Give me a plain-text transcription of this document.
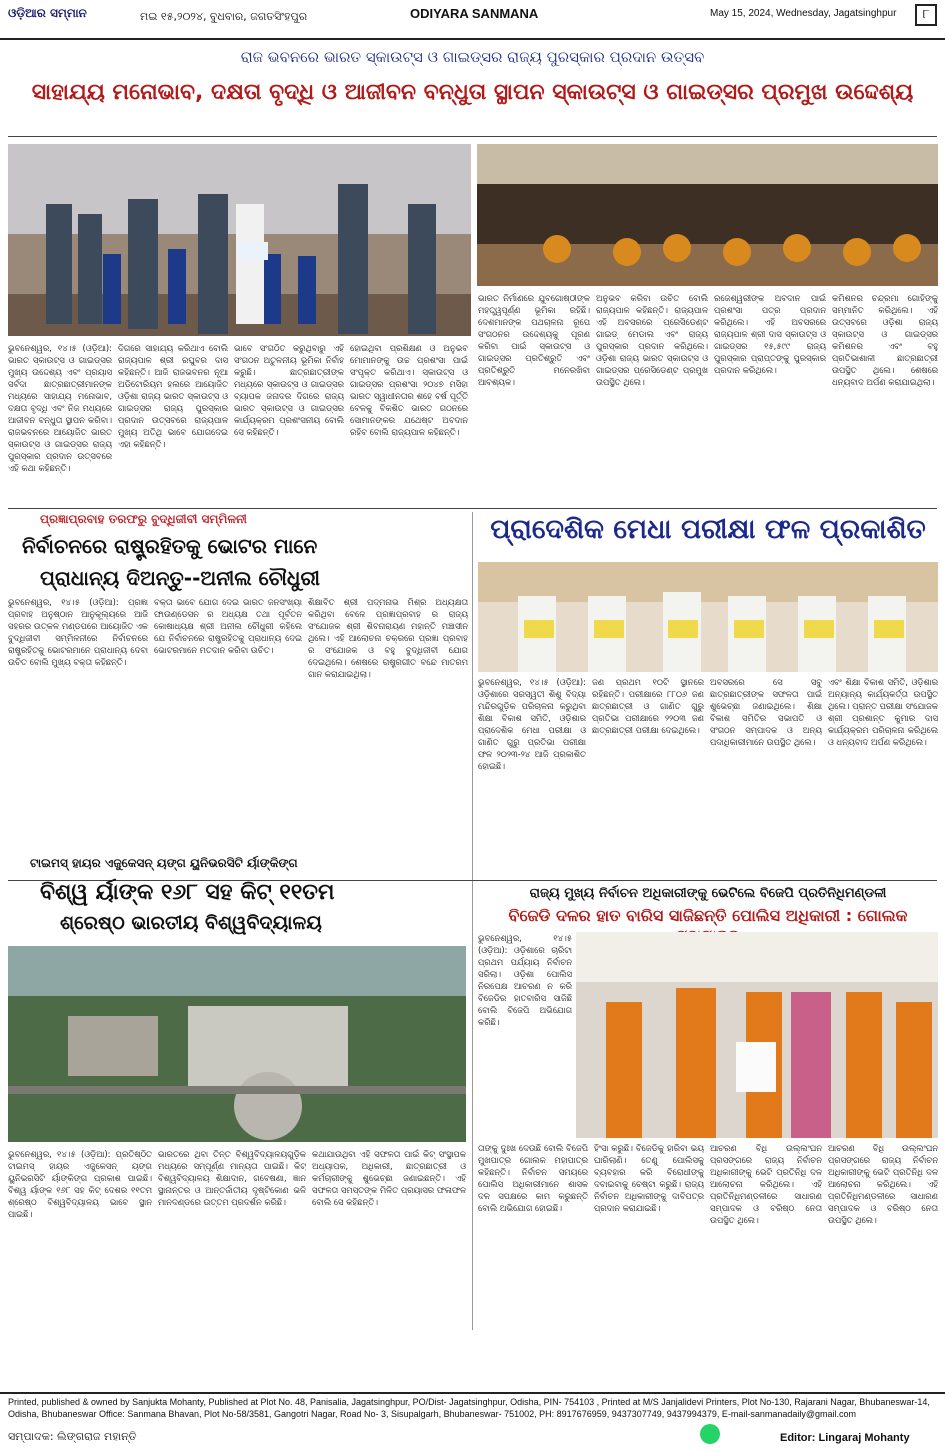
ଓଡ଼ିଆର ସମ୍ମାନ	ମଇ ୧୫,୨୦୨୪, ବୁଧବାର, ଜଗତସିଂହପୁର	ODIYARA SANMANA	May 15, 2024, Wednesday, Jagatsinghpur	୮
ରାଜ ଭବନରେ ଭାରତ ସ୍କାଉଟ୍ସ ଓ ଗାଇଡ୍ସର ରାଜ୍ୟ ପୁରସ୍କାର ପ୍ରଦାନ ଉତ୍ସବ
ସାହାଯ୍ୟ ମନୋଭାବ, ଦକ୍ଷତା ବୃଦ୍ଧି ଓ ଆଜୀବନ ବନ୍ଧୁତା ସ୍ଥାପନ ସ୍କାଉଟ୍ସ ଓ ଗାଇଡ୍ସର ପ୍ରମୁଖ ଉଦ୍ଦେଶ୍ୟ
ଭୁବନେଶ୍ୱର, ୧୪।୫ (ଓଡ଼ିଆ): ଭାରତ ସ୍କାଉଟ୍ସ ଓ ଗାଇଡ୍ସର ମୁଖ୍ୟ ଉଦ୍ଦେଶ୍ୟ ଏବଂ ପ୍ରୟାସ ସର୍ବଦା ଛାତ୍ରଛାତ୍ରୀମାନଙ୍କ ମଧ୍ୟରେ ସାହାଯ୍ୟ ମନୋଭାବ, ଦକ୍ଷତା ବୃଦ୍ଧି ଏବଂ ନିଜ ମଧ୍ୟରେ ଆଜୀବନ ବନ୍ଧୁତା ସ୍ଥାପନ କରିବା। ରାଜଭବନରେ ଆୟୋଜିତ ଭାରତ ସ୍କାଉଟ୍ସ ଓ ଗାଇଡ୍ସର ରାଜ୍ୟ ପୁରସ୍କାର ପ୍ରଦାନ ଉତ୍ସବରେ ଏହି କଥା କହିଛନ୍ତି।
ଦିଗରେ ସାହାଯ୍ୟ କରିଥାଏ ବୋଲି ରାଜ୍ୟପାଳ ଶ୍ରୀ ରଘୁବର ଦାସ କହିଛନ୍ତି। ଆଜି ରାଜଭବନର ନୂଆ ଅଡିଟୋରିୟମ ହଲରେ ଆୟୋଜିତ ଓଡ଼ିଶା ରାଜ୍ୟ ଭାରତ ସ୍କାଉଟ୍ସ ଓ ଗାଇଡ୍ସର ରାଜ୍ୟ ପୁରସ୍କାର ପ୍ରଦାନ ଉତ୍ସବରେ ରାଜ୍ୟପାଳ ମୁଖ୍ୟ ଅତିଥି ଭାବେ ଯୋଗଦେଇ ଏହା କହିଛନ୍ତି।
ଭାବେ ସଂଗଠିତ କରୁଥିବାରୁ ଏହି ସଂଗଠନ ଅତୁଳନୀୟ ଭୂମିକା ନିର୍ବାହ କରୁଛି। ଛାତ୍ରଛାତ୍ରୀଙ୍କ ମଧ୍ୟରେ ସ୍କାଉଟ୍ସ ଓ ଗାଇଡ୍ସର ବ୍ୟାପକ ଜନାଦର ଦିଗରେ ରାଜ୍ୟ ଭାରତ ସ୍କାଉଟ୍ସ ଓ ଗାଇଡ୍ସର କାର୍ଯ୍ୟକ୍ରମ ପ୍ରଶଂସନୀୟ ବୋଲି ସେ କହିଛନ୍ତି।
ହୋଇଥିବା ପ୍ରଶିକ୍ଷଣ ଓ ଅନୁଭବ ମୋମାନଙ୍କୁ ଉଚ୍ଚ ପ୍ରଶଂସା ପାଇଁ ସଂପୃକ୍ତ କରିଥାଏ। ସ୍କାଉଟ୍ସ ଓ ଗାଇଡ୍ସର ପ୍ରଶଂସା ୨୦୪୭ ମସିହା ଭାରତ ସ୍ୱାଧୀନତାର ଶହେ ବର୍ଷ ପୂର୍ତ୍ତି ବେଳକୁ ବିକଶିତ ଭାରତ ଗଠନରେ ସୋମାନଙ୍କର ଯଥେଷ୍ଟ ଅବଦାନ ରହିବ ବୋଲି ରାଜ୍ୟପାଳ କହିଛନ୍ତି।
ଭାରତ ନିର୍ମାଣରେ ଯୁବଗୋଷ୍ଠୀଙ୍କ ମହତ୍ତ୍ୱପୂର୍ଣ୍ଣ ଭୂମିକା ରହିଛି। ଦେଶମାନଙ୍କ ପଥଚାଳନା ରୂପେ ସଂଗଠନର ଉଦ୍ଦେଶ୍ୟକୁ ପୂରଣ କରିବା ପାଇଁ ସ୍କାଉଟ୍ସ ଓ ଗାଇଡ୍ସର ପ୍ରତିଶ୍ରୁତି ଏବଂ ପ୍ରତିଶ୍ରୁତି ମନେରଖିବା ଆବଶ୍ୟକ।
ଅନୁଭବ କରିବା ଉଚିତ ବୋଲି ରାଜ୍ୟପାଳ କହିଛନ୍ତି। ରାଜ୍ୟପାଳ ଏହି ଅବସରରେ ପ୍ରେସିଡେଣ୍ଟ ଗାଇଡ୍ ମେଡାଲ ଏବଂ ରାଜ୍ୟ ପୁରସ୍କାର ପ୍ରଦାନ କରିଥିଲେ। ଓଡ଼ିଶା ରାଜ୍ୟ ଭାରତ ସ୍କାଉଟ୍ସ ଓ ଗାଇଡ୍ସର ପ୍ରେସିଡେଣ୍ଟ ପ୍ରମୁଖ ଉପସ୍ଥିତ ଥିଲେ।
ରଜେଶ୍ୱରୀଙ୍କ ଅବଦାନ ପାଇଁ ପ୍ରଶଂସା ପତ୍ର ପ୍ରଦାନ କରିଥିଲେ। ଏହି ଅବସରରେ ରାଜ୍ୟପାଳ ଶ୍ରୀ ଦାସ ସ୍କାଉଟ୍ସ ଓ ଗାଇଡ୍ସର ୧୫,୫୯୯ ରାଜ୍ୟ ପୁରସ୍କାର ପ୍ରାପ୍ତଙ୍କୁ ପୁରସ୍କାର ପ୍ରଦାନ କରିଥିଲେ।
କମିଶନର ଚନ୍ଦ୍ରମା ଗୋହିଙ୍କୁ ସମ୍ମାନିତ କରିଥିଲେ। ଏହି ଉତ୍ସବରେ ଓଡ଼ିଶା ରାଜ୍ୟ ସ୍କାଉଟ୍ସ ଓ ଗାଇଡ୍ସର କମିଶନର ଏବଂ ବହୁ ପ୍ରତିଭାଶାଳୀ ଛାତ୍ରଛାତ୍ରୀ ଉପସ୍ଥିତ ଥିଲେ। ଶେଷରେ ଧନ୍ୟବାଦ ଅର୍ପଣ କରାଯାଇଥିଲା।
ପ୍ରଜ୍ଞାପ୍ରବାହ ତରଫରୁ ବୁଦ୍ଧିଜୀବୀ ସମ୍ମିଳନୀ
ନିର୍ବାଚନରେ ରାଷ୍ଟ୍ରହିତକୁ ଭୋଟର ମାନେ
ପ୍ରାଧାନ୍ୟ ଦିଅନ୍ତୁ--ଅନୀଲ ଚୌଧୁରୀ
ଭୁବନେଶ୍ୱର, ୧୪।୫ (ଓଡ଼ିଆ): ପ୍ରଜ୍ଞା ପ୍ରବାହ ଅନୁଷ୍ଠାନ ଆନୁକୂଲ୍ୟରେ ଆଜି ସହରର ଉତ୍କଳ ମଣ୍ଡପରେ ଆୟୋଜିତ ଏକ ବୁଦ୍ଧିଜୀବୀ ସମ୍ମିଳନୀରେ ନିର୍ବାଚନରେ ରାଷ୍ଟ୍ରହିତକୁ ଭୋଟରମାନେ ପ୍ରାଧାନ୍ୟ ଦେବା ଉଚିତ ବୋଲି ମୁଖ୍ୟ ବକ୍ତା କହିଛନ୍ତି।
ବକ୍ତା ଭାବେ ଯୋଗ ଦେଇ ଭାରତ ଜନସଂଖ୍ୟା ଫାଉଣ୍ଡେସନ ର ଅଧ୍ୟକ୍ଷ ତଥା ପୂର୍ବତନ କୋଷାଧ୍ୟକ୍ଷ ଶ୍ରୀ ଅନୀଲ ଚୌଧୁରୀ କହିଲେ ଯେ ନିର୍ବାଚନରେ ରାଷ୍ଟ୍ରହିତକୁ ପ୍ରାଧାନ୍ୟ ଦେଇ ଭୋଟରମାନେ ମତଦାନ କରିବା ଉଚିତ।
ଶିକ୍ଷାବିତ ଶ୍ରୀ ପଦ୍ମନାଭ ମିଶ୍ର ଅଧ୍ୟକ୍ଷତା କରିଥିବା ବେଳେ ପ୍ରଜ୍ଞାପ୍ରବାହ ର ରାଜ୍ୟ ସଂଯୋଜକ ଶ୍ରୀ ଶିବନାରାୟଣ ମହାନ୍ତି ମଞ୍ଚାସୀନ ଥିଲେ। ଏହି ଆଲୋଚନା ଚକ୍ରରେ ପ୍ରଜ୍ଞା ପ୍ରବାହ ର ସଂଯୋଜକ ଓ ବହୁ ବୁଦ୍ଧିଜୀବୀ ଯୋଗ ଦେଇଥିଲେ। ଶେଷରେ ରାଷ୍ଟ୍ରଗୀତ ବନ୍ଦେ ମାତରମ ଗାନ କରାଯାଇଥିଲା।
ପ୍ରାଦେଶିକ ମେଧା ପରୀକ୍ଷା ଫଳ ପ୍ରକାଶିତ
ଭୁବନେଶ୍ୱର, ୧୪।୫ (ଓଡ଼ିଆ): ଓଡ଼ିଶାରେ ସରସ୍ୱତୀ ଶିଶୁ ବିଦ୍ୟା ମନ୍ଦିରଗୁଡ଼ିକ ପରିଚାଳନା କରୁଥିବା ଶିକ୍ଷା ବିକାଶ ସମିତି, ଓଡ଼ିଶାର ପ୍ରାଦେଶିକ ମେଧା ପରୀକ୍ଷା ଓ ଗାଣିତ ଗୁରୁ ପ୍ରତିଭା ପରୀକ୍ଷା ଫଳ ୨୦୨୩-୨୪ ଆଜି ପ୍ରକାଶିତ ହୋଇଛି।
ଜଣ ପ୍ରଥମ ୧୦ଟି ସ୍ଥାନରେ ରହିଛନ୍ତି। ପରୀକ୍ଷାରେ ୮୮୦୬ ଜଣ ଛାତ୍ରଛାତ୍ରୀ ଓ ଗାଣିତ ଗୁରୁ ପ୍ରତିଭା ପରୀକ୍ଷାରେ ୨୨୦୩ ଜଣ ଛାତ୍ରଛାତ୍ରୀ ପରୀକ୍ଷା ଦେଇଥିଲେ।
ଅବସରରେ ସେ ସବୁ ଛାତ୍ରଛାତ୍ରୀଙ୍କ ସଫଳତା ପାଇଁ ଶୁଭେଚ୍ଛା ଜଣାଇଥିଲେ। ଶିକ୍ଷା ବିକାଶ ସମିତିର ସଭାପତି ଓ ସଂଗଠନ ସମ୍ପାଦକ ଓ ଅନ୍ୟ ପଦାଧିକାରୀମାନେ ଉପସ୍ଥିତ ଥିଲେ।
ଏବଂ ଶିକ୍ଷା ବିକାଶ ସମିତି, ଓଡ଼ିଶାର ଅନ୍ୟାନ୍ୟ କାର୍ଯ୍ୟକର୍ତ୍ତା ଉପସ୍ଥିତ ଥିଲେ। ପ୍ରାନ୍ତ ପରୀକ୍ଷା ସଂଯୋଜକ ଶ୍ରୀ ପ୍ରଶାନ୍ତ କୁମାର ଦାସ କାର୍ଯ୍ୟକ୍ରମ ପରିଚାଳନା କରିଥିଲେ ଓ ଧନ୍ୟବାଦ ଅର୍ପଣ କରିଥିଲେ।
ଟାଇମସ୍ ହାୟର ଏଜୁକେସନ୍ ୟଙ୍ଗ ୟୁନିଭରସିଟି ର୍ୟାଙ୍କିଙ୍ଗ
ବିଶ୍ୱ ର୍ୟାଙ୍କ ୧୬୮ ସହ କିଟ୍ ୧୧ତମ
ଶ୍ରେଷ୍ଠ ଭାରତୀୟ ବିଶ୍ୱବିଦ୍ୟାଳୟ
ଭୁବନେଶ୍ୱର, ୧୪।୫ (ଓଡ଼ିଆ): ପ୍ରତିଷ୍ଠିତ ଟାଇମସ୍ ହାୟର ଏଜୁକେସନ୍ ୟଙ୍ଗ ୟୁନିଭରସିଟି ର୍ୟାଙ୍କିଙ୍ଗ ପ୍ରକାଶ ପାଇଛି। ବିଶ୍ୱ ର୍ୟାଙ୍କ ୧୬୮ ସହ କିଟ୍ ଦେଶର ୧୧ତମ ଶ୍ରେଷ୍ଠ ବିଶ୍ୱବିଦ୍ୟାଳୟ ଭାବେ ସ୍ଥାନ ପାଇଛି।
ଭାରତରେ ଥିବା ତିନ୍ତ ବିଶ୍ୱବିଦ୍ୟାଳୟଗୁଡ଼ିକ ମଧ୍ୟରେ ସମ୍ପୂର୍ଣ୍ଣ ମାନ୍ୟତା ପାଇଛି। କିଟ୍ ବିଶ୍ୱବିଦ୍ୟାଳୟ ଶିକ୍ଷାଦାନ, ଗବେଷଣା, ଜ୍ଞାନ ସ୍ଥାନାନ୍ତର ଓ ଆନ୍ତର୍ଜାତୀୟ ଦୃଷ୍ଟିକୋଣ ଭଳି ମାନଦଣ୍ଡରେ ଉତ୍ତମ ପ୍ରଦର୍ଶନ କରିଛି।
କଥାଯାଉଥିବା ଏହି ସଫଳତା ପାଇଁ କିଟ୍ ସଂସ୍ଥାପକ ଅଧ୍ୟାପକ, ଅଧିକାରୀ, ଛାତ୍ରଛାତ୍ରୀ ଓ କର୍ମଚାରୀଙ୍କୁ ଶୁଭେଚ୍ଛା ଜଣାଇଛନ୍ତି। ଏହି ସଫଳତା ସମସ୍ତଙ୍କ ମିଳିତ ପ୍ରୟାସର ଫଳାଫଳ ବୋଲି ସେ କହିଛନ୍ତି।
ରାଜ୍ୟ ମୁଖ୍ୟ ନିର୍ବାଚନ ଅଧିକାରୀଙ୍କୁ ଭେଟିଲେ ବିଜେପି ପ୍ରତିନିଧିମଣ୍ଡଳୀ
ବିଜେଡି ଦଳର ହାତ ବାରିସ ସାଜିଛନ୍ତି ପୋଲିସ ଅଧିକାରୀ : ଗୋଲକ
ଭୁବନେଶ୍ୱର, ୧୪।୫ (ଓଡ଼ିଆ): ଓଡ଼ିଶାରେ ଚାରିଟା ପ୍ରଥମ ପର୍ଯ୍ୟାୟ ନିର୍ବାଚନ ସରିଲା। ଓଡ଼ିଶା ପୋଲିସ ନିରପେକ୍ଷ ଆଚରଣ ନ କରି ବିଜେଡିର ହାତବାରିସ ସାଜିଛି ବୋଲି ବିଜେପି ଅଭିଯୋଗ କରିଛି।
ତାଙ୍କୁ ଦୁଃଖ ଦେଉଛି ବୋଲି ବିଜେପି ମୁଖପାତ୍ର ଗୋଲକ ମହାପାତ୍ର କହିଛନ୍ତି। ନିର୍ବାଚନ ସମୟରେ ପୋଲିସ ଅଧିକାରୀମାନେ ଶାସକ ଦଳ ସପକ୍ଷରେ କାମ କରୁଛନ୍ତି ବୋଲି ଅଭିଯୋଗ ହୋଇଛି।
ହିଂସା କରୁଛି। ବିଜେଡିକୁ ହାରିବା ଭୟ ଘାରିଲାଣି। ତେଣୁ ପୋଲିସକୁ ବ୍ୟବହାର କରି ବିରୋଧୀଙ୍କୁ ଦବାଇବାକୁ ଚେଷ୍ଟା କରୁଛି। ରାଜ୍ୟ ନିର୍ବାଚନ ଅଧିକାରୀଙ୍କୁ ଦାବିପତ୍ର ପ୍ରଦାନ କରାଯାଇଛି।
ଆଚରଣ ବିଧି ଉଲ୍ଲଂଘନ ପ୍ରସଙ୍ଗରେ ରାଜ୍ୟ ନିର୍ବାଚନ ଅଧିକାରୀଙ୍କୁ ଭେଟି ପ୍ରତିନିଧି ଦଳ ଆଲୋଚନା କରିଥିଲେ। ଏହି ପ୍ରତିନିଧିମଣ୍ଡଳୀରେ ସାଧାରଣ ସମ୍ପାଦକ ଓ ବରିଷ୍ଠ ନେତା ଉପସ୍ଥିତ ଥିଲେ।
ଆଚରଣ ବିଧି ଉଲ୍ଲଂଘନ ପ୍ରସଙ୍ଗରେ ରାଜ୍ୟ ନିର୍ବାଚନ ଅଧିକାରୀଙ୍କୁ ଭେଟି ପ୍ରତିନିଧି ଦଳ ଆଲୋଚନା କରିଥିଲେ। ଏହି ପ୍ରତିନିଧିମଣ୍ଡଳୀରେ ସାଧାରଣ ସମ୍ପାଦକ ଓ ବରିଷ୍ଠ ନେତା ଉପସ୍ଥିତ ଥିଲେ।
Printed, published & owned by Sanjukta Mohanty, Published at Plot No. 48, Panisalia, Jagatsinghpur, PO/Dist- Jagatsinghpur, Odisha, PIN- 754103 , Printed at M/S Janjalidevi Printers, Plot No-130, Rajarani Nagar, Bhubaneswar-14, Odisha, Bhubaneswar Office: Sanmana Bhavan, Plot No-58/3581, Gangotri Nagar, Road No- 3, Sisupalgarh, Bhubaneswar- 751002, PH: 8917676959, 9437307749, 9437994379, E-mail-sanmanadaily@gmail.com
ସମ୍ପାଦକ: ଲିଙ୍ଗରାଜ ମହାନ୍ତି	Editor: Lingaraj Mohanty
